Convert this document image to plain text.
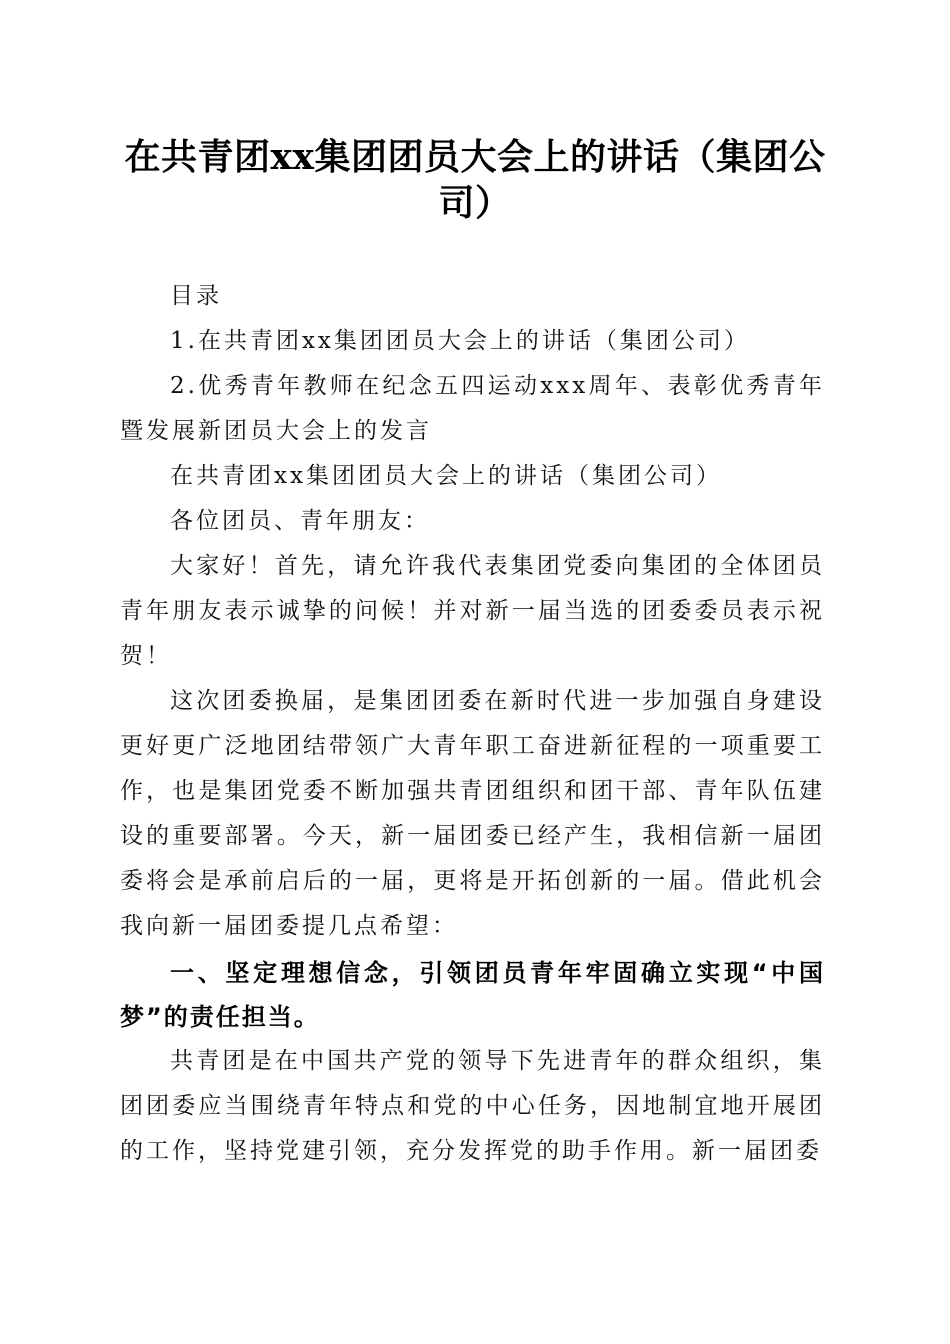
在共青团xx集团团员大会上的讲话（集团公司）

目录

1.在共青团xx集团团员大会上的讲话（集团公司）

2.优秀青年教师在纪念五四运动xxx周年、表彰优秀青年暨发展新团员大会上的发言

在共青团xx集团团员大会上的讲话（集团公司）

各位团员、青年朋友：

大家好！首先，请允许我代表集团党委向集团的全体团员青年朋友表示诚挚的问候！并对新一届当选的团委委员表示祝贺！

这次团委换届，是集团团委在新时代进一步加强自身建设更好更广泛地团结带领广大青年职工奋进新征程的一项重要工作，也是集团党委不断加强共青团组织和团干部、青年队伍建设的重要部署。今天，新一届团委已经产生，我相信新一届团委将会是承前启后的一届，更将是开拓创新的一届。借此机会我向新一届团委提几点希望：

一、坚定理想信念，引领团员青年牢固确立实现“中国梦”的责任担当。

共青团是在中国共产党的领导下先进青年的群众组织，集团团委应当围绕青年特点和党的中心任务，因地制宜地开展团的工作，坚持党建引领，充分发挥党的助手作用。新一届团委
